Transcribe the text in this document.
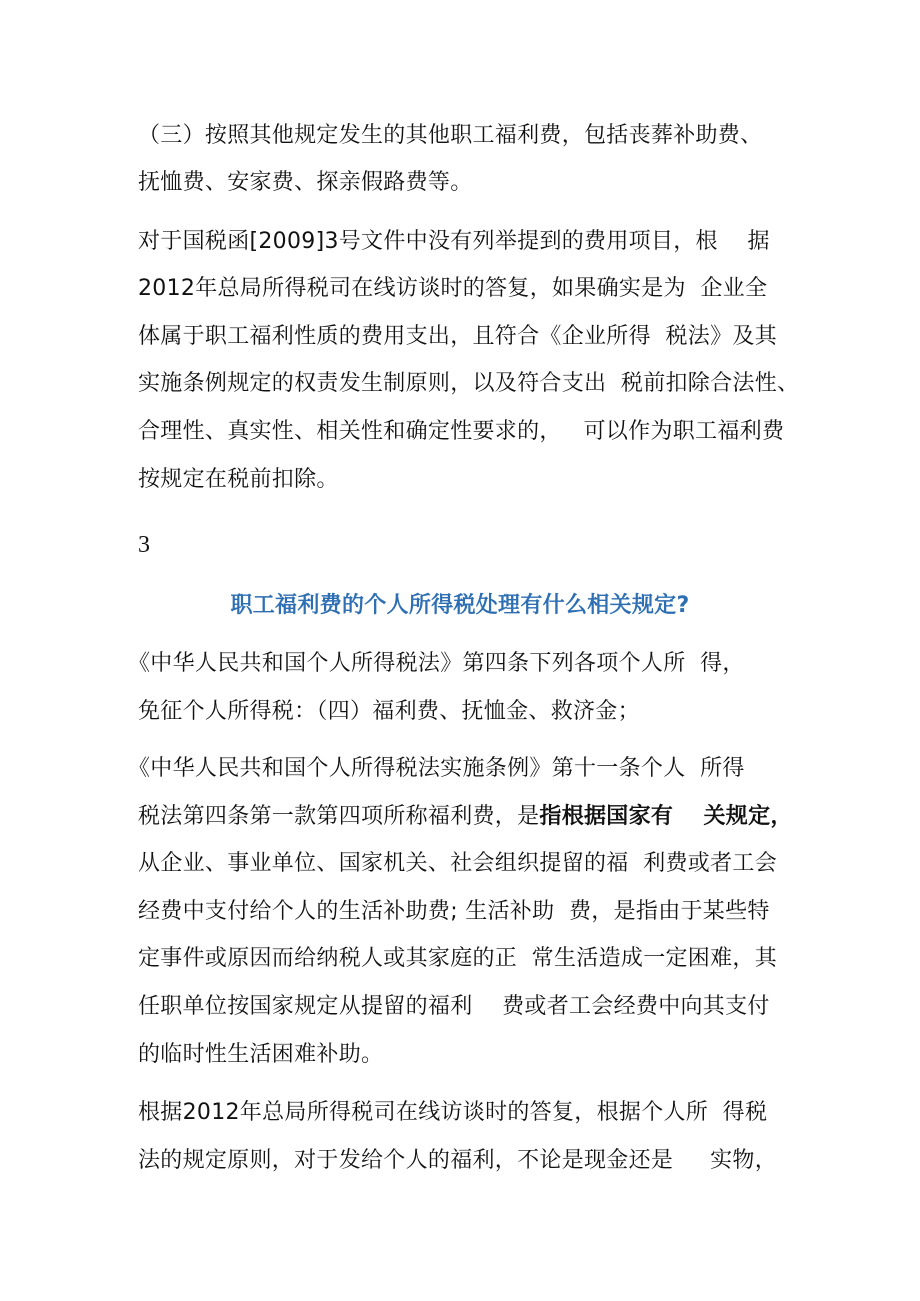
（三）按照其他规定发生的其他职工福利费，包括丧葬补助费、
抚恤费、安家费、探亲假路费等。
对于国税函[2009]3号文件中没有列举提到的费用项目，根　 据
2012年总局所得税司在线访谈时的答复，如果确实是为  企业全
体属于职工福利性质的费用支出，且符合《企业所得  税法》及其
实施条例规定的权责发生制原则，以及符合支出  税前扣除合法性、
合理性、真实性、相关性和确定性要求的，   可以作为职工福利费
按规定在税前扣除。
3
职工福利费的个人所得税处理有什么相关规定?
《中华人民共和国个人所得税法》第四条下列各项个人所  得，
免征个人所得税：（四）福利费、抚恤金、救济金；
《中华人民共和国个人所得税法实施条例》第十一条个人  所得
税法第四条第一款第四项所称福利费，是指根据国家有　 关规定，
从企业、事业单位、国家机关、社会组织提留的福  利费或者工会
经费中支付给个人的生活补助费; 生活补助  费，是指由于某些特
定事件或原因而给纳税人或其家庭的正  常生活造成一定困难，其
任职单位按国家规定从提留的福利　 费或者工会经费中向其支付
的临时性生活困难补助。
根据2012年总局所得税司在线访谈时的答复，根据个人所  得税
法的规定原则，对于发给个人的福利，不论是现金还是　  实物，
